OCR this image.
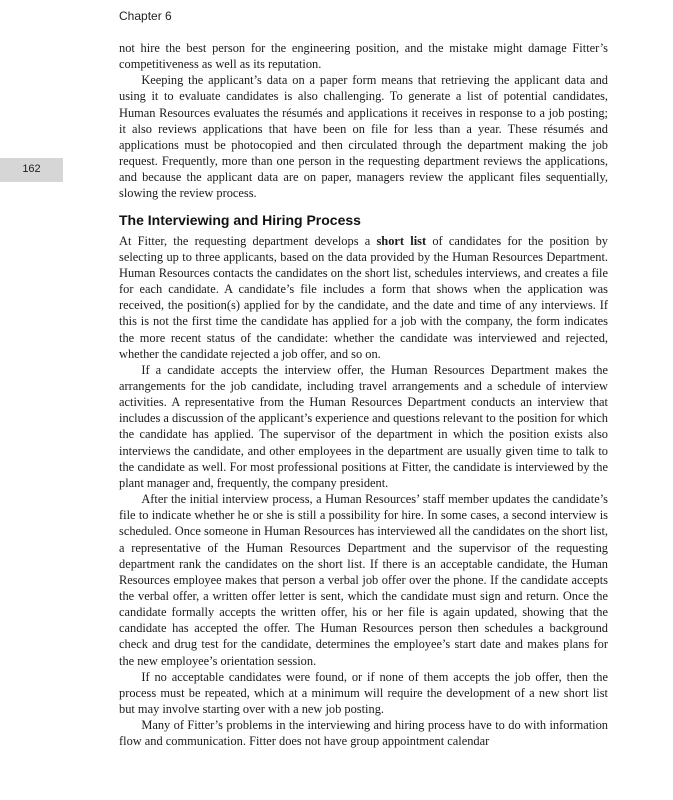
Chapter 6
162

not hire the best person for the engineering position, and the mistake might damage Fitter’s competitiveness as well as its reputation.

Keeping the applicant’s data on a paper form means that retrieving the applicant data and using it to evaluate candidates is also challenging. To generate a list of potential candidates, Human Resources evaluates the résumés and applications it receives in response to a job posting; it also reviews applications that have been on file for less than a year. These résumés and applications must be photocopied and then circulated through the department making the job request. Frequently, more than one person in the requesting department reviews the applications, and because the applicant data are on paper, managers review the applicant files sequentially, slowing the review process.

The Interviewing and Hiring Process

At Fitter, the requesting department develops a short list of candidates for the position by selecting up to three applicants, based on the data provided by the Human Resources Department. Human Resources contacts the candidates on the short list, schedules interviews, and creates a file for each candidate. A candidate’s file includes a form that shows when the application was received, the position(s) applied for by the candidate, and the date and time of any interviews. If this is not the first time the candidate has applied for a job with the company, the form indicates the more recent status of the candidate: whether the candidate was interviewed and rejected, whether the candidate rejected a job offer, and so on.

If a candidate accepts the interview offer, the Human Resources Department makes the arrangements for the job candidate, including travel arrangements and a schedule of interview activities. A representative from the Human Resources Department conducts an interview that includes a discussion of the applicant’s experience and questions relevant to the position for which the candidate has applied. The supervisor of the department in which the position exists also interviews the candidate, and other employees in the department are usually given time to talk to the candidate as well. For most professional positions at Fitter, the candidate is interviewed by the plant manager and, frequently, the company president.

After the initial interview process, a Human Resources’ staff member updates the candidate’s file to indicate whether he or she is still a possibility for hire. In some cases, a second interview is scheduled. Once someone in Human Resources has interviewed all the candidates on the short list, a representative of the Human Resources Department and the supervisor of the requesting department rank the candidates on the short list. If there is an acceptable candidate, the Human Resources employee makes that person a verbal job offer over the phone. If the candidate accepts the verbal offer, a written offer letter is sent, which the candidate must sign and return. Once the candidate formally accepts the written offer, his or her file is again updated, showing that the candidate has accepted the offer. The Human Resources person then schedules a background check and drug test for the candidate, determines the employee’s start date and makes plans for the new employee’s orientation session.

If no acceptable candidates were found, or if none of them accepts the job offer, then the process must be repeated, which at a minimum will require the development of a new short list but may involve starting over with a new job posting.

Many of Fitter’s problems in the interviewing and hiring process have to do with information flow and communication. Fitter does not have group appointment calendar
